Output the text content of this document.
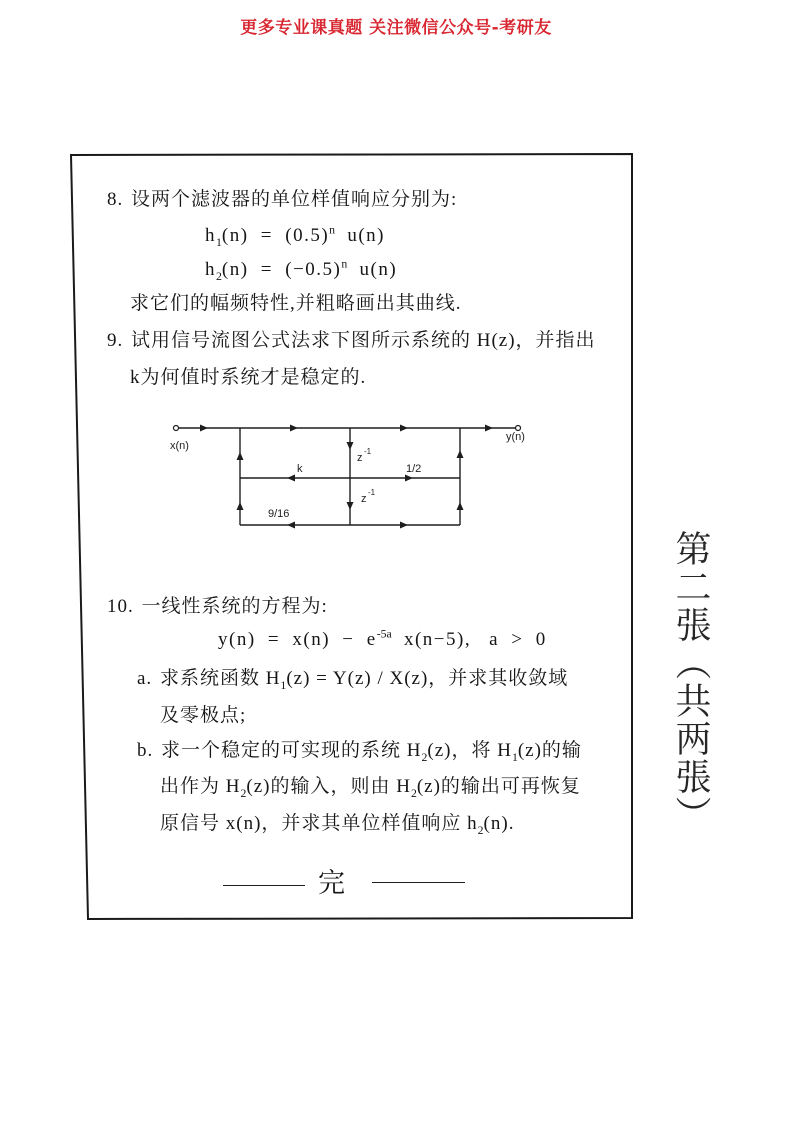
更多专业课真题 关注微信公众号-考研友
8. 设两个滤波器的单位样值响应分别为:
$h_1(n) = (0.5)^n$ u(n)
$h_2(n) = (-0.5)^n$ u(n)
求它们的幅频特性,并粗略画出其曲线.
9. 试用信号流图公式法求下图所示系统的 H(z)，并指出
k为何值时系统才是稳定的.
x(n)
y(n)
z
-1
k	1/2
z
-1
9/16
10. 一线性系统的方程为:
$y(n) = x(n) - e^{-5a}$ x(n−5), a > 0
a. 求系统函数 $H_1(z) = Y(z) / X(z)$，并求其收敛域
及零极点;
b. 求一个稳定的可实现的系统 $H_2(z)$，将 $H_1(z)$的输
出作为 $H_2(z)$的输入，则由 $H_2(z)$的输出可再恢复
原信号 x(n)，并求其单位样值响应 $h_2(n)$.
完
第二張（共两張）
